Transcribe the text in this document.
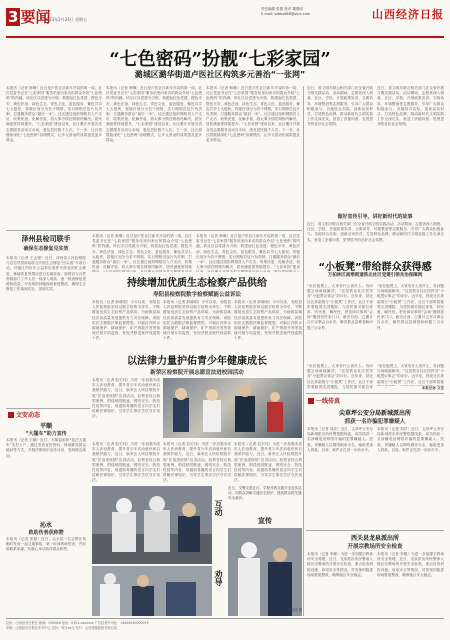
3 要闻
2023年2月24日 星期五
责任编辑 张蕾 校对 董慧明
E-mail: szbbs888@sina.com	山西经济日报
“七色密码”扮靓“七彩家园”
潞城区潞华街道卢医社区构筑多元善治“一张网”
本报讯（记者 韩琳）近日是卢医社区新年开局的第一周，社区党委书记在“七彩家园”服务站里向来访的群众介绍“七色密码”的内涵。该社区以党建为引领，构建起红色党建、橙色平安、黄色法治、绿色生态、青色文化、蓝色服务、紫色共享七大板块，将辖区划分为若干网格，实行网格员包片负责制，打通服务群众“最后一米”。社区通过组织网格员入户走访、收集民意、化解矛盾，将大事小情在网格内解决，居民满意度持续提升。“七彩家园”建设以来，社区累计开展各类志愿服务活动百余场，惠及居民数千人次。下一步，社区将继续深化“七色密码”治理模式，让多元善治的成果惠及更多群众。
本报讯（记者 韩琳）近日是卢医社区新年开局的第一周，社区党委书记在“七彩家园”服务站里向来访的群众介绍“七色密码”的内涵。该社区以党建为引领，构建起红色党建、橙色平安、黄色法治、绿色生态、青色文化、蓝色服务、紫色共享七大板块，将辖区划分为若干网格，实行网格员包片负责制，打通服务群众“最后一米”。社区通过组织网格员入户走访、收集民意、化解矛盾，将大事小情在网格内解决，居民满意度持续提升。“七彩家园”建设以来，社区累计开展各类志愿服务活动百余场，惠及居民数千人次。下一步，社区将继续深化“七色密码”治理模式，让多元善治的成果惠及更多群众。
本报讯（记者 韩琳）近日是卢医社区新年开局的第一周，社区党委书记在“七彩家园”服务站里向来访的群众介绍“七色密码”的内涵。该社区以党建为引领，构建起红色党建、橙色平安、黄色法治、绿色生态、青色文化、蓝色服务、紫色共享七大板块，将辖区划分为若干网格，实行网格员包片负责制，打通服务群众“最后一米”。社区通过组织网格员入户走访、收集民意、化解矛盾，将大事小情在网格内解决，居民满意度持续提升。“七彩家园”建设以来，社区累计开展各类志愿服务活动百余场，惠及居民数千人次。下一步，社区将继续深化“七色密码”治理模式，让多元善治的成果惠及更多群众。
近日，省文明办联合相关部门在全省开展文明实践活动。活动期间，志愿者深入街巷、社区、学校，开展政策宣讲、文明劝导、环境整治等志愿服务，引导广大群众积极参与。各地结合实际，创新活动形式，打造特色品牌，推动新时代文明实践工作走深走实，营造了崇德向善、见贤思齐的良好社会氛围。
近日，省文明办联合相关部门在全省开展文明实践活动。活动期间，志愿者深入街巷、社区、学校，开展政策宣讲、文明劝导、环境整治等志愿服务，引导广大群众积极参与。各地结合实际，创新活动形式，打造特色品牌，推动新时代文明实践工作走深走实，营造了崇德向善、见贤思齐的良好社会氛围。
做好宣传引导，讲好新时代的故事
近日，省文明办联合相关部门在全省开展文明实践活动。活动期间，志愿者深入街巷、社区、学校，开展政策宣讲、文明劝导、环境整治等志愿服务，引导广大群众积极参与。各地结合实际，创新活动形式，打造特色品牌，推动新时代文明实践工作走深走实，营造了崇德向善、见贤思齐的良好社会氛围。
泽州县检司联手
确保生态修复见实效
本报讯（记者 王志强）近日，泽州县人民检察院与县自然资源局联合开展生态修复“回头看”专项行动，对辖区内历年公益诉讼案件中涉及的矿山修复、林地恢复等情况进行实地检查。检察官与自然资源部门工作人员一同深入现场，逐一核查修复进度和质量，对发现的问题现场督促整改，确保生态修复工作落到实处、见到实效。
持续增加优质生态检察产品供给
寿阳县检察院数字检察赋能公益诉讼
本报讯（记者 薛晓明）今年以来，寿阳县人民检察院坚持以数字检察为牵引，不断增加优质生态检察产品供给，为助推县域经济高质量发展提供有力司法保障。该院依托大数据法律监督模型，对辖区内的水源地保护、耕地保护、矿产资源开发等领域开展专项监督，发现并移送案件线索数十件。
本报讯（记者 薛晓明）今年以来，寿阳县人民检察院坚持以数字检察为牵引，不断增加优质生态检察产品供给，为助推县域经济高质量发展提供有力司法保障。该院依托大数据法律监督模型，对辖区内的水源地保护、耕地保护、矿产资源开发等领域开展专项监督，发现并移送案件线索数十件。
本报讯（记者 薛晓明）今年以来，寿阳县人民检察院坚持以数字检察为牵引，不断增加优质生态检察产品供给，为助推县域经济高质量发展提供有力司法保障。该院依托大数据法律监督模型，对辖区内的水源地保护、耕地保护、矿产资源开发等领域开展专项监督，发现并移送案件线索数十件。
本报讯（记者 韩琳）近日是卢医社区新年开局的第一周，社区党委书记在“七彩家园”服务站里向来访的群众介绍“七色密码”的内涵。该社区以党建为引领，构建起红色党建、橙色平安、黄色法治、绿色生态、青色文化、蓝色服务、紫色共享七大板块，将辖区划分为若干网格，实行网格员包片负责制，打通服务群众“最后一米”。社区通过组织网格员入户走访、收集民意、化解矛盾，将大事小情在网格内解决，居民满意度持续
本报讯（记者 韩琳）近日是卢医社区新年开局的第一周，社区党委书记在“七彩家园”服务站里向来访的群众介绍“七色密码”的内涵。该社区以党建为引领，构建起红色党建、橙色平安、黄色法治、绿色生态、青色文化、蓝色服务、紫色共享七大板块，将辖区划分为若干网格，实行网格员包片负责制，打通服务群众“最后一米”。社区通过组织网格员入户走访、收集民意、化解矛盾，将大事小情在网格内解决，居民满意度持续提升。“七彩家园”建设
以法律力量护佑青少年健康成长
新荣区检察院开展志愿宣法进校园活动
本报讯（记者 赵宏伟）为进一步加强未成年人法治教育，提升青少年法治意识和自我保护能力，近日，新荣区人民检察院开展“法治进校园”宣讲活动。检察官结合典型案例，围绕校园欺凌、网络安全、防范性侵等内容，用通俗易懂的语言向学生们讲解法律知识，引导学生尊法学法守法用法。
文安动态
平顺
“大篷车”助力宣传
本报讯（记者 王鹏）近日，平顺县组织“普法大篷车”走村入户，通过发放宣传资料、现场解答群众疑问等方式，开展法律知识宣传活动，受到群众欢迎。
沁水
救助伤者获称赞
本报讯（记者 张磊）近日，沁水县一名交警在执勤时发现一起交通事故，第一时间救助伤者，并协助联系家属，其暖心举动获得群众称赞。
本报讯（记者 赵宏伟）为进一步加强未成年人法治教育，提升青少年法治意识和自我保护能力，近日，新荣区人民检察院开展“法治进校园”宣讲活动。检察官结合典型案例，围绕校园欺凌、网络安全、防范性侵等内容，用通俗易懂的语言向学生们讲解法律知识，引导学生尊法学法守法用法。
本报讯（记者 赵宏伟）为进一步加强未成年人法治教育，提升青少年法治意识和自我保护能力，近日，新荣区人民检察院开展“法治进校园”宣讲活动。检察官结合典型案例，围绕校园欺凌、网络安全、防范性侵等内容，用通俗易懂的语言向学生们讲解法律知识，引导学生尊法学法守法用法。
本报讯（记者 赵宏伟）为进一步加强未成年人法治教育，提升青少年法治意识和自我保护能力，近日，新荣区人民检察院开展“法治进校园”宣讲活动。检察官结合典型案例，围绕校园欺凌、网络安全、防范性侵等内容，用通俗易懂的语言向学生们讲解法律知识，引导学生尊法学法守法用法。
互动
劝导
宣传
近日，交警走进社区、学校开展交通安全宣传活动，向群众讲解交通安全知识，提高群众的交通安全意识。
通讯员 摄
“小板凳”带给群众获得感
万柏林区南寒街道铁北社区党建引领共治保障网
“坐在板凳上，大家有什么说什么，有问题当场就能解决。”这是铁北社区居民对“小板凳议事会”的评价。近年来，铁北社区探索推行“小板凳”工作法，社区干部带着板凳走进楼院，与居民面对面拉家常、听民意、解民忧，把协商议事的“会场”搬到居民家门口。截至目前，已累计召开议事会百余次，解决群众急难愁盼问题三百余件。
“坐在板凳上，大家有什么说什么，有问题当场就能解决。”这是铁北社区居民对“小板凳议事会”的评价。近年来，铁北社区探索推行“小板凳”工作法，社区干部带着板凳走进楼院，与居民面对面拉家常、听民意、解民忧，把协商议事的“会场”搬到居民家门口。截至目前，已累计召开议事会百余次，解决群众急难愁盼问题三百余件。
“坐在板凳上，大家有什么说什么，有问题当场就能解决。”这是铁北社区居民对“小板凳议事会”的评价。近年来，铁北社区探索推行“小板凳”工作法，社区干部带着板凳走进楼院，与居民面对面拉家
“坐在板凳上，大家有什么说什么，有问题当场就能解决。”这是铁北社区居民对“小板凳议事会”的评价。近年来，铁北社区探索推行“小板凳”工作法，社区干部带着板
本报记者 文龙
一线传真
尖草坪公安分局新城派出所
抓获一名诈骗犯罪嫌疑人
本报讯（记者 刘洋）近日，尖草坪公安分局新城派出所民警根据线索，成功抓获一名涉嫌电信网络诈骗的犯罪嫌疑人。经查，该嫌疑人以网络刷单为名，骗取受害人钱款。目前，案件正在进一步侦办中。
本报讯（记者 刘洋）近日，尖草坪公安分局新城派出所民警根据线索，成功抓获一名涉嫌电信网络诈骗的犯罪嫌疑人。经查，该嫌疑人以网络刷单为名，骗取受害人钱款。目前，案件正在进一步侦办中。
西关县龙泉派出所
开展宗教场所安全检查
本报讯（记者 李娜）为进一步加强宗教场所安全管理，近日，龙泉派出所民警深入辖区宗教场所开展安全检查，重点检查消防设施、用电安全等情况，对发现的隐患现场督促整改，确保辖区安全稳定。
本报讯（记者 李娜）为进一步加强宗教场所安全管理，近日，龙泉派出所民警深入辖区宗教场所开展安全检查，重点检查消防设施、用电安全等情况，对发现的隐患现场督促整改，确保辖区安全稳定。
社址：山西经济日报社 邮编：030006 电话：0351-xxxxxxx 广告经营许可证：14000040000073
印刷：山西经济日报社印务中心 定价：每月xx元 发行：山西省邮政报刊发行局
